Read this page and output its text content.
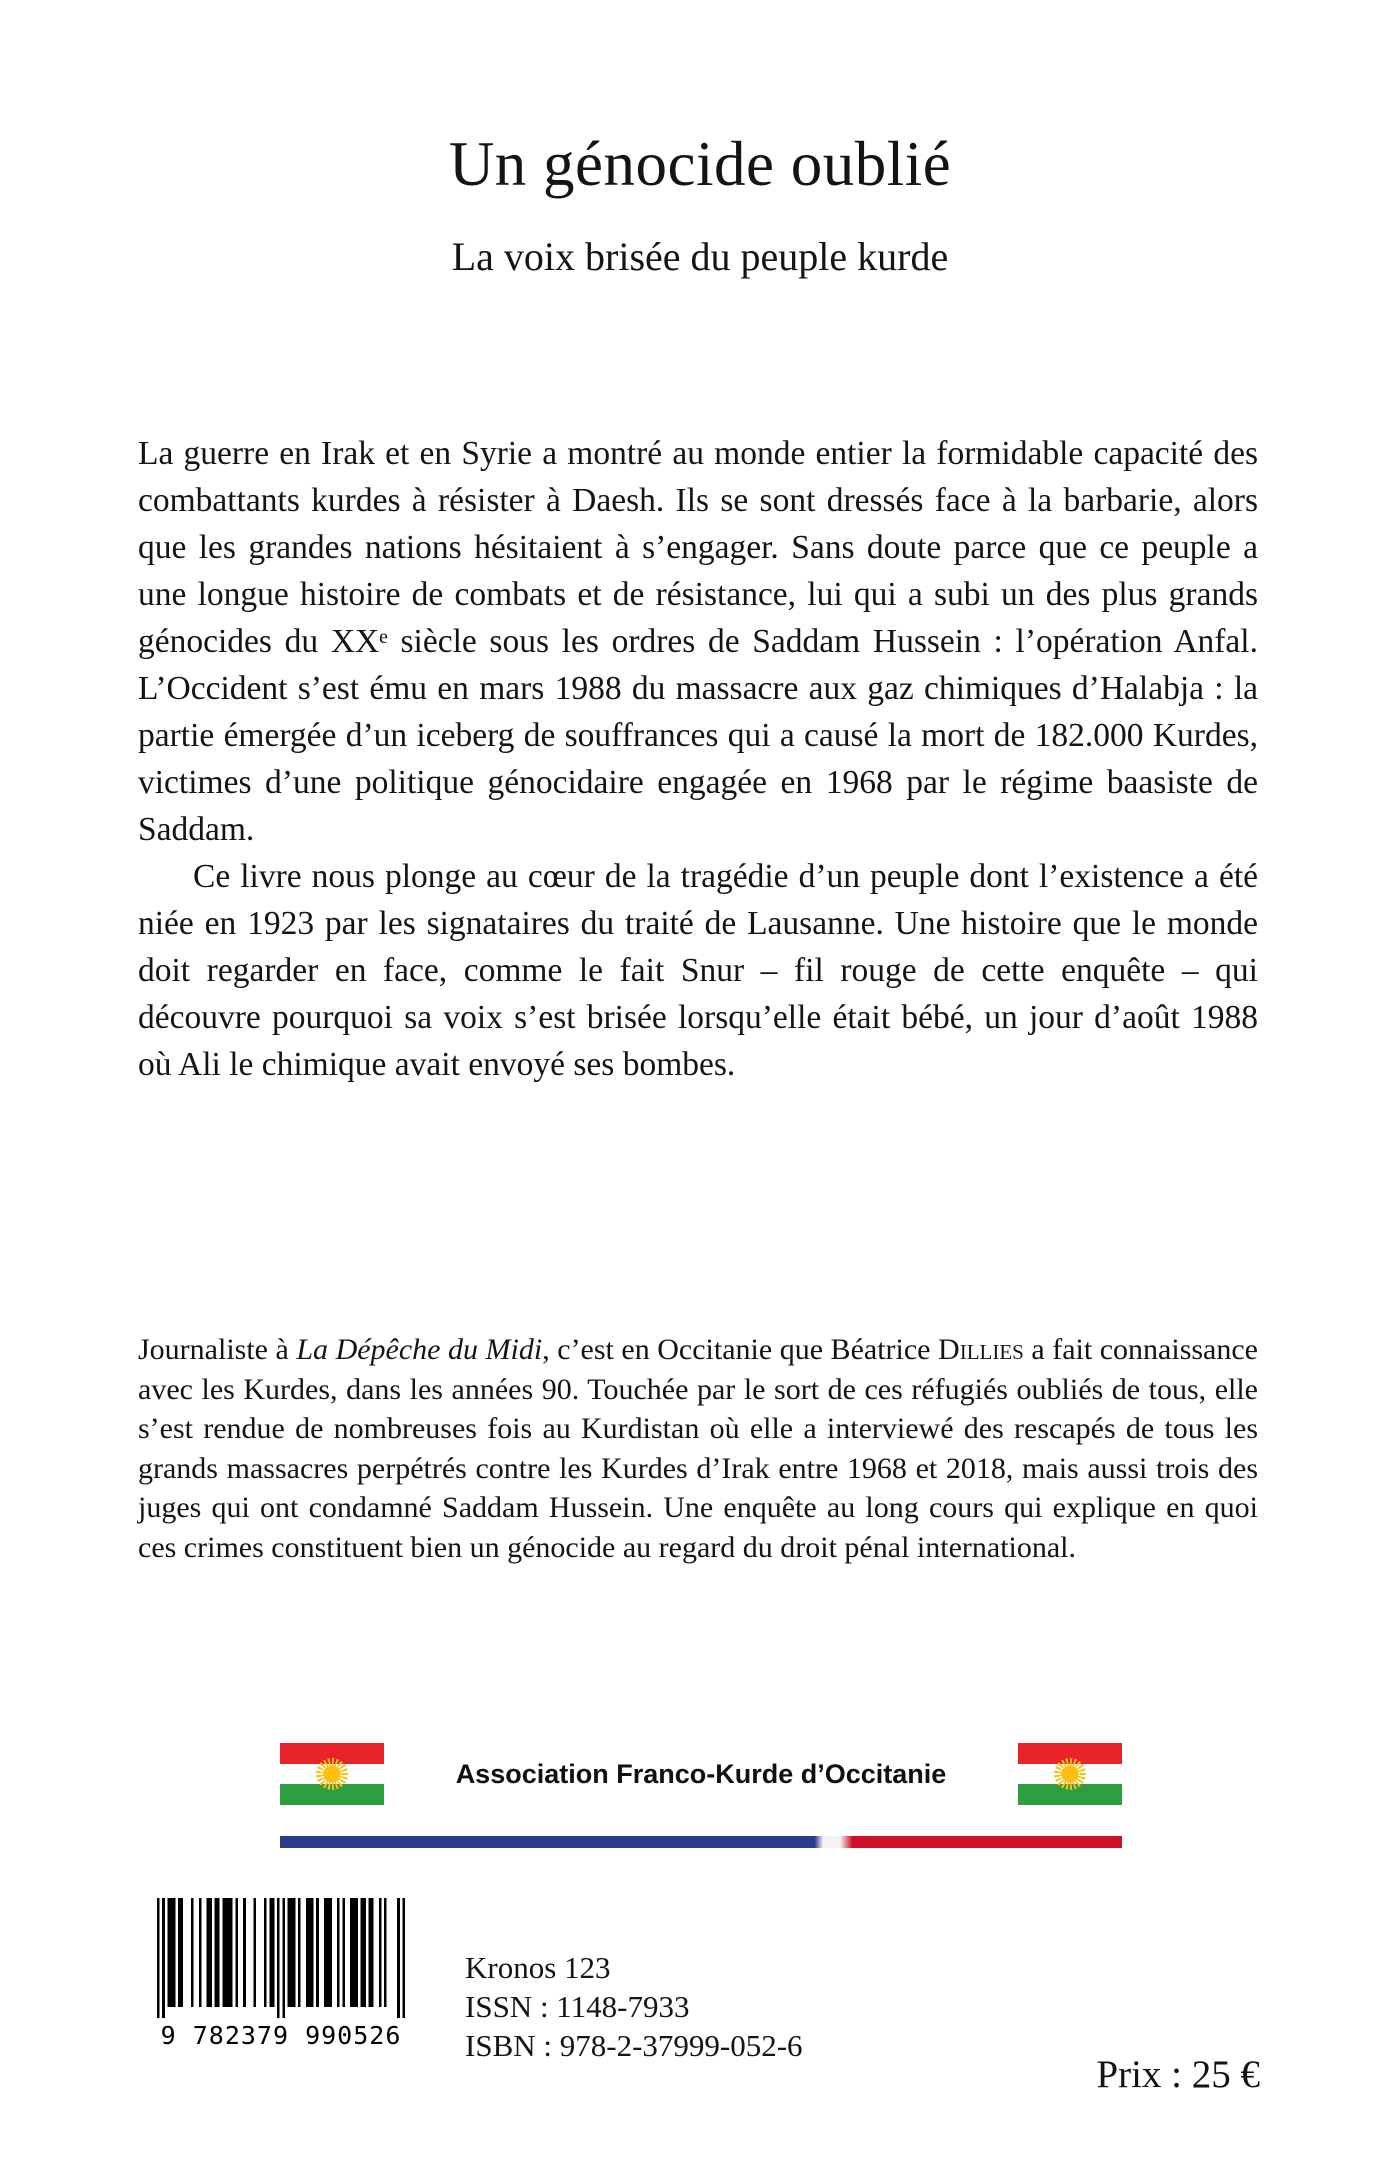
Un génocide oublié
La voix brisée du peuple kurde

La guerre en Irak et en Syrie a montré au monde entier la formidable capacité des combattants kurdes à résister à Daesh. Ils se sont dressés face à la barbarie, alors que les grandes nations hésitaient à s’engager. Sans doute parce que ce peuple a une longue histoire de combats et de résistance, lui qui a subi un des plus grands génocides du XXᵉ siècle sous les ordres de Saddam Hussein : l’opération Anfal. L’Occident s’est ému en mars 1988 du massacre aux gaz chimiques d’Halabja : la partie émergée d’un iceberg de souffrances qui a causé la mort de 182.000 Kurdes, victimes d’une politique génocidaire engagée en 1968 par le régime baasiste de Saddam.

Ce livre nous plonge au cœur de la tragédie d’un peuple dont l’existence a été niée en 1923 par les signataires du traité de Lausanne. Une histoire que le monde doit regarder en face, comme le fait Snur – fil rouge de cette enquête – qui découvre pourquoi sa voix s’est brisée lorsqu’elle était bébé, un jour d’août 1988 où Ali le chimique avait envoyé ses bombes.

Journaliste à La Dépêche du Midi, c’est en Occitanie que Béatrice Dillies a fait connaissance avec les Kurdes, dans les années 90. Touchée par le sort de ces réfugiés oubliés de tous, elle s’est rendue de nombreuses fois au Kurdistan où elle a interviewé des rescapés de tous les grands massacres perpétrés contre les Kurdes d’Irak entre 1968 et 2018, mais aussi trois des juges qui ont condamné Saddam Hussein. Une enquête au long cours qui explique en quoi ces crimes constituent bien un génocide au regard du droit pénal international.

Association Franco-Kurde d’Occitanie
9 782379 990526
Kronos 123
ISSN : 1148-7933
ISBN : 978-2-37999-052-6
Prix : 25 €
